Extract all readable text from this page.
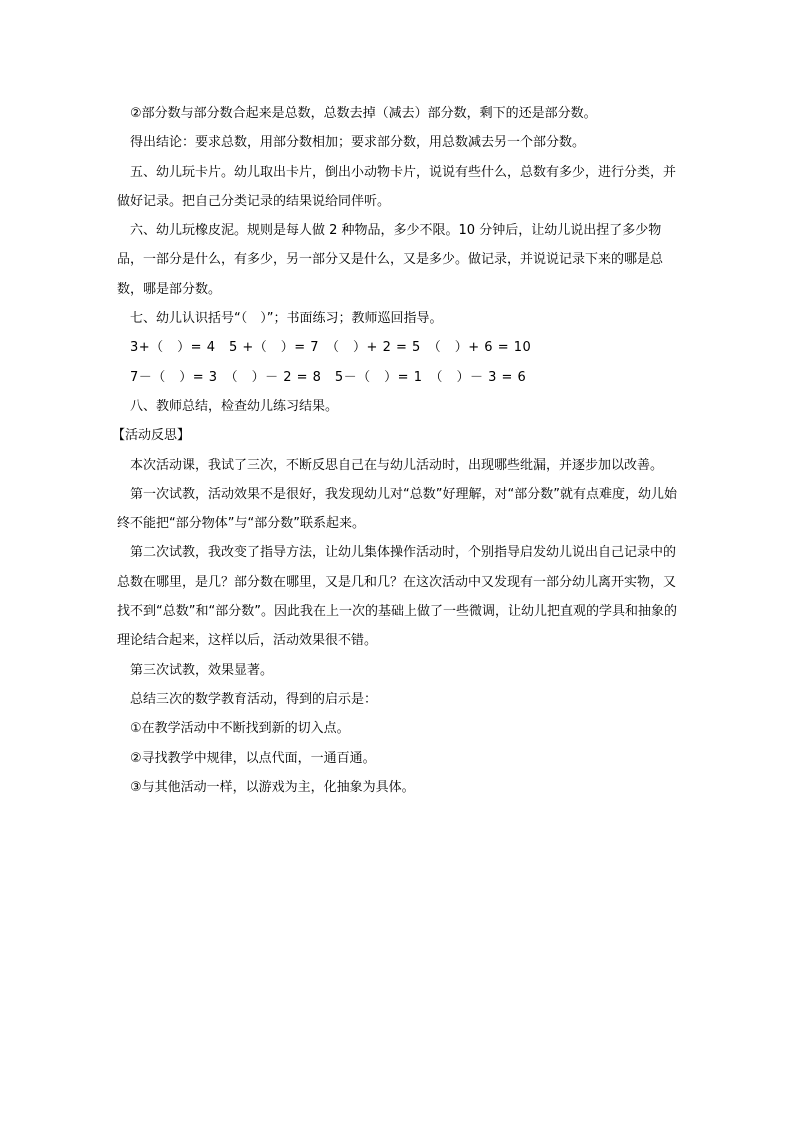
②部分数与部分数合起来是总数，总数去掉（减去）部分数，剩下的还是部分数。

得出结论：要求总数，用部分数相加；要求部分数，用总数减去另一个部分数。

五、幼儿玩卡片。幼儿取出卡片，倒出小动物卡片，说说有些什么，总数有多少，进行分类，并做好记录。把自己分类记录的结果说给同伴听。

六、幼儿玩橡皮泥。规则是每人做 2 种物品，多少不限。10 分钟后，让幼儿说出捏了多少物品，一部分是什么，有多少，另一部分又是什么，又是多少。做记录，并说说记录下来的哪是总数，哪是部分数。

七、幼儿认识括号“（　）”；书面练习；教师巡回指导。

3+（　）= 4　5 +（　）= 7　（　）+ 2 = 5　（　）+ 6 = 10

7－（　）= 3　（　）－ 2 = 8　5－（　）= 1　（　）－ 3 = 6

八、教师总结，检查幼儿练习结果。

【活动反思】

本次活动课，我试了三次，不断反思自己在与幼儿活动时，出现哪些纰漏，并逐步加以改善。

第一次试教，活动效果不是很好，我发现幼儿对“总数”好理解，对“部分数”就有点难度，幼儿始终不能把“部分物体”与“部分数”联系起来。

第二次试教，我改变了指导方法，让幼儿集体操作活动时，个别指导启发幼儿说出自己记录中的总数在哪里，是几？部分数在哪里，又是几和几？在这次活动中又发现有一部分幼儿离开实物，又找不到“总数”和“部分数”。因此我在上一次的基础上做了一些微调，让幼儿把直观的学具和抽象的理论结合起来，这样以后，活动效果很不错。

第三次试教，效果显著。

总结三次的数学教育活动，得到的启示是：

①在教学活动中不断找到新的切入点。

②寻找教学中规律，以点代面，一通百通。

③与其他活动一样，以游戏为主，化抽象为具体。
